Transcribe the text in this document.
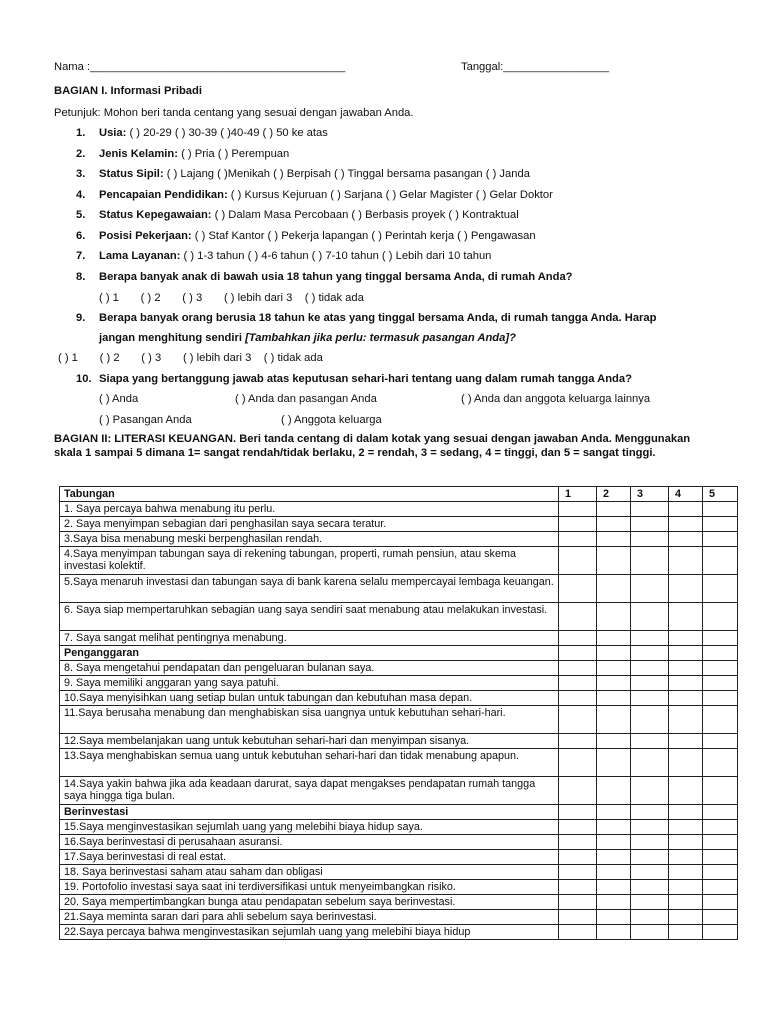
Nama :_________________________________________	Tanggal:_________________
BAGIAN I. Informasi Pribadi
Petunjuk: Mohon beri tanda centang yang sesuai dengan jawaban Anda.
1. Usia: ( ) 20-29 ( ) 30-39 ( )40-49 ( ) 50 ke atas
2. Jenis Kelamin: ( ) Pria ( ) Perempuan
3. Status Sipil: ( ) Lajang ( )Menikah ( ) Berpisah ( ) Tinggal bersama pasangan ( ) Janda
4. Pencapaian Pendidikan: ( ) Kursus Kejuruan ( ) Sarjana ( ) Gelar Magister ( ) Gelar Doktor
5. Status Kepegawaian: ( ) Dalam Masa Percobaan ( ) Berbasis proyek ( ) Kontraktual
6. Posisi Pekerjaan: ( ) Staf Kantor ( ) Pekerja lapangan ( ) Perintah kerja ( ) Pengawasan
7. Lama Layanan: ( ) 1-3 tahun ( ) 4-6 tahun ( ) 7-10 tahun ( ) Lebih dari 10 tahun
8. Berapa banyak anak di bawah usia 18 tahun yang tinggal bersama Anda, di rumah Anda?
( ) 1       ( ) 2       ( ) 3       ( ) lebih dari 3    ( ) tidak ada
9. Berapa banyak orang berusia 18 tahun ke atas yang tinggal bersama Anda, di rumah tangga Anda. Harap
jangan menghitung sendiri [Tambahkan jika perlu: termasuk pasangan Anda]?
( ) 1       ( ) 2       ( ) 3       ( ) lebih dari 3    ( ) tidak ada
10. Siapa yang bertanggung jawab atas keputusan sehari-hari tentang uang dalam rumah tangga Anda?
( ) Anda	( ) Anda dan pasangan Anda	( ) Anda dan anggota keluarga lainnya
( ) Pasangan Anda	( ) Anggota keluarga
BAGIAN II: LITERASI KEUANGAN. Beri tanda centang di dalam kotak yang sesuai dengan jawaban Anda. Menggunakan skala 1 sampai 5 dimana 1= sangat rendah/tidak berlaku, 2 = rendah, 3 = sedang, 4 = tinggi, dan 5 = sangat tinggi.
Tabungan	1	2	3	4	5
1. Saya percaya bahwa menabung itu perlu.					
2. Saya menyimpan sebagian dari penghasilan saya secara teratur.					
3.Saya bisa menabung meski berpenghasilan rendah.					
4.Saya menyimpan tabungan saya di rekening tabungan, properti, rumah pensiun, atau skema investasi kolektif.					
5.Saya menaruh investasi dan tabungan saya di bank karena selalu mempercayai lembaga keuangan.					
6. Saya siap mempertaruhkan sebagian uang saya sendiri saat menabung atau melakukan investasi.					
7. Saya sangat melihat pentingnya menabung.					
Penganggaran					
8. Saya mengetahui pendapatan dan pengeluaran bulanan saya.					
9. Saya memiliki anggaran yang saya patuhi.					
10.Saya menyisihkan uang setiap bulan untuk tabungan dan kebutuhan masa depan.					
11.Saya berusaha menabung dan menghabiskan sisa uangnya untuk kebutuhan sehari-hari.					
12.Saya membelanjakan uang untuk kebutuhan sehari-hari dan menyimpan sisanya.					
13.Saya menghabiskan semua uang untuk kebutuhan sehari-hari dan tidak menabung apapun.					
14.Saya yakin bahwa jika ada keadaan darurat, saya dapat mengakses pendapatan rumah tangga saya hingga tiga bulan.					
Berinvestasi					
15.Saya menginvestasikan sejumlah uang yang melebihi biaya hidup saya.					
16.Saya berinvestasi di perusahaan asuransi.					
17.Saya berinvestasi di real estat.					
18. Saya berinvestasi saham atau saham dan obligasi					
19. Portofolio investasi saya saat ini terdiversifikasi untuk menyeimbangkan risiko.					
20. Saya mempertimbangkan bunga atau pendapatan sebelum saya berinvestasi.					
21.Saya meminta saran dari para ahli sebelum saya berinvestasi.					
22.Saya percaya bahwa menginvestasikan sejumlah uang yang melebihi biaya hidup					
